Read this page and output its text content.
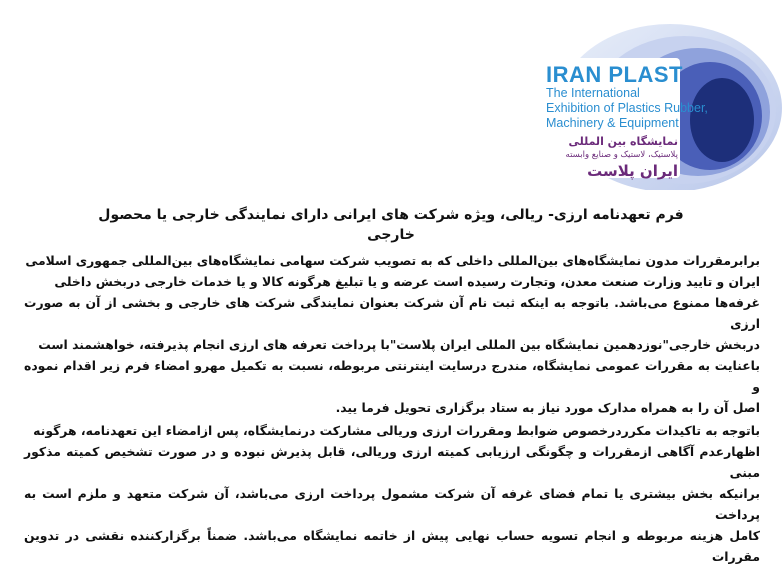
IRAN PLAST
The International
Exhibition of Plastics Rubber,
Machinery & Equipment
نمایشگاه بین المللی
پلاستیک، لاستیک و صنایع وابسته
ایران پلاست
فرم تعهدنامه ارزی- ریالی، ویژه شرکت های ایرانی دارای نمایندگی خارجی یا محصول خارجی

برابرمقررات مدون نمایشگاه‌های بین‌المللی داخلی که به تصویب شرکت سهامی نمایشگاه‌های بین‌المللی جمهوری اسلامی

ایران و تایید وزارت صنعت معدن، وتجارت رسیده است عرضه و یا تبلیغ هرگونه کالا و یا خدمات خارجی دربخش داخلی

غرفه‌ها ممنوع می‌باشد. باتوجه به اینکه ثبت نام آن شرکت بعنوان نمایندگی شرکت های خارجی و بخشی از آن به صورت ارزی

دربخش خارجی"نوزدهمین نمایشگاه بین المللی ایران پلاست"با پرداخت تعرفه های ارزی انجام پذیرفته، خواهشمند است

باعنایت به مقررات عمومی نمایشگاه، مندرج درسایت اینترنتی مربوطه، نسبت به تکمیل مهرو امضاء فرم زیر اقدام نموده و

اصل آن را به همراه مدارک مورد نیاز به ستاد برگزاری تحویل فرما یید.

باتوجه به تاکیدات مکرردرخصوص ضوابط ومقررات ارزی وریالی مشارکت درنمایشگاه، پس ازامضاء این تعهدنامه، هرگونه

اظهارعدم آگاهی ازمقررات و چگونگی ارزیابی کمیته ارزی وریالی، قابل پذیرش نبوده و در صورت تشخیص کمیته مذکور مبنی

برانیکه بخش بیشتری یا تمام فضای غرفه آن شرکت مشمول پرداخت ارزی می‌باشد، آن شرکت متعهد و ملزم است به پرداخت

کامل هزینه مربوطه و انجام تسویه حساب نهایی پیش از خاتمه نمایشگاه می‌باشد. ضمناً برگزارکننده نقشی در تدوین مقررات
